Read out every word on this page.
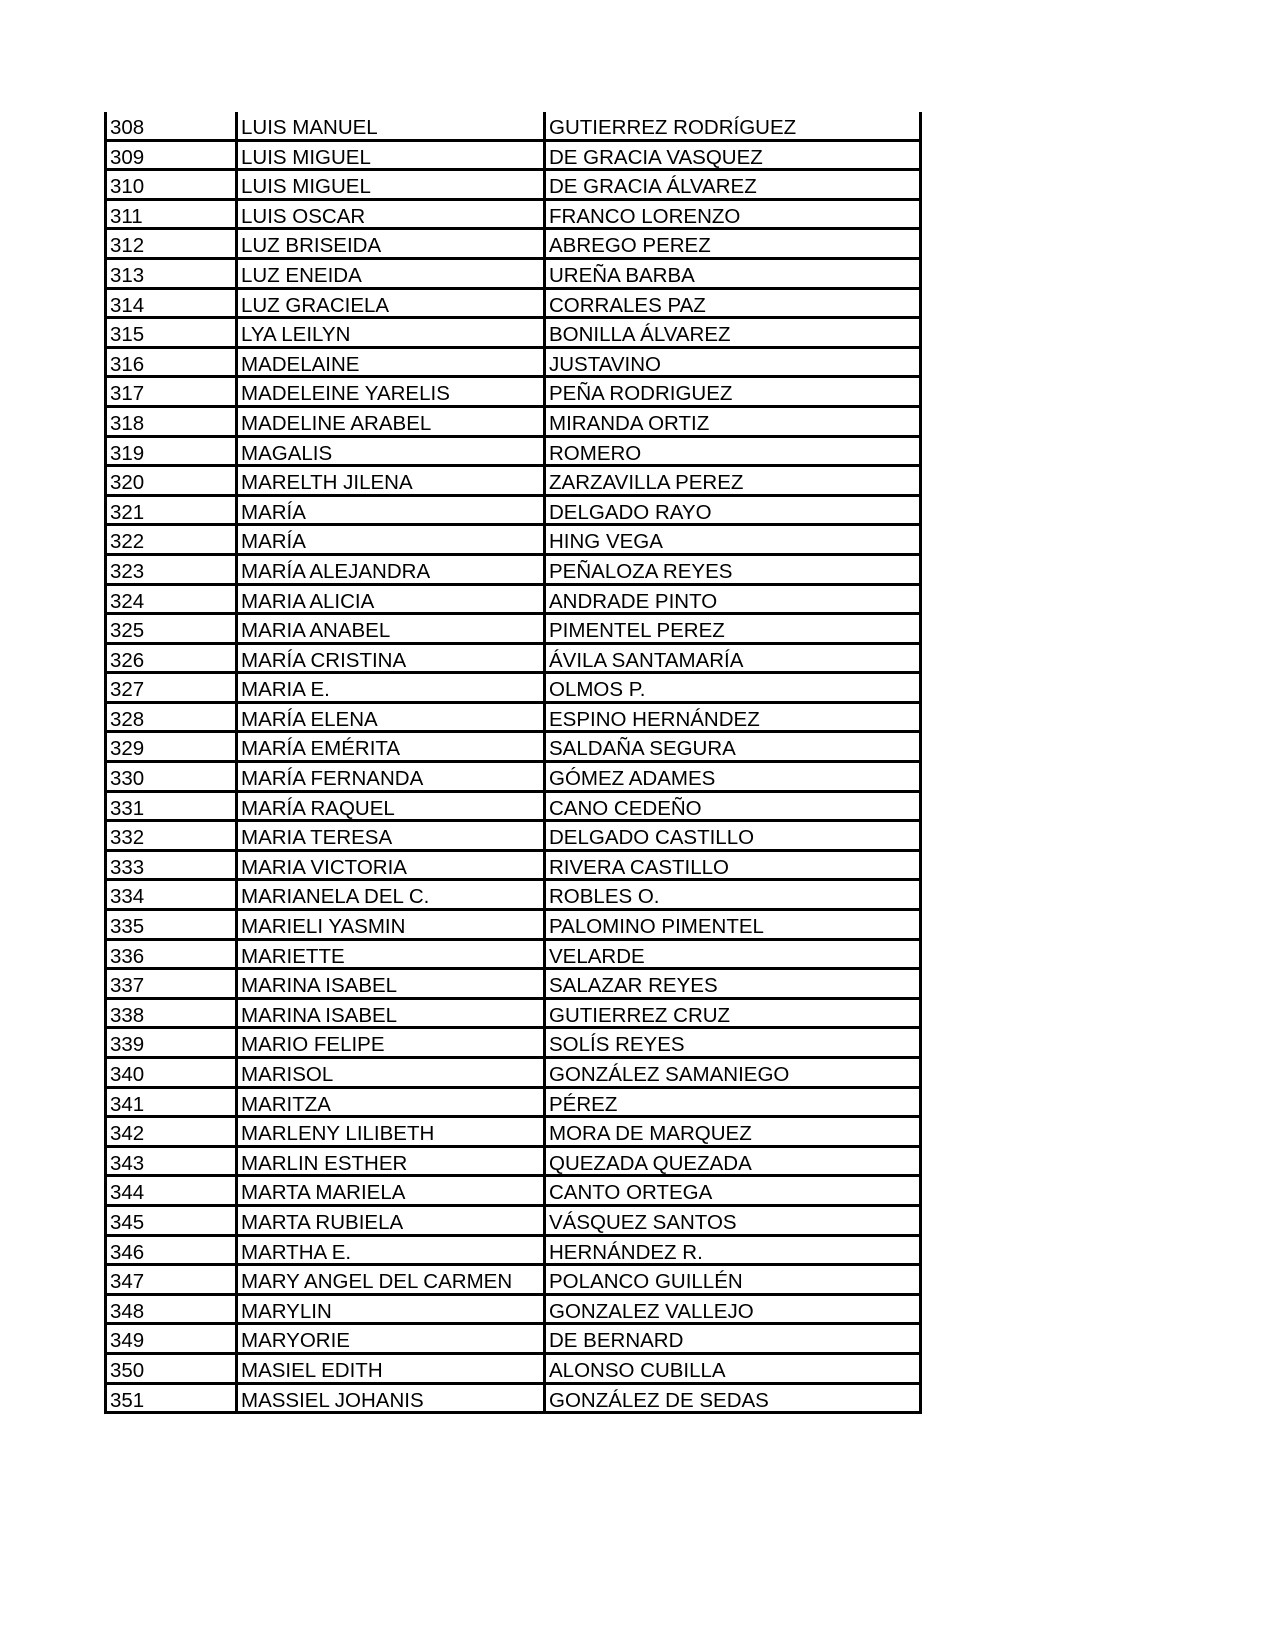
308	LUIS MANUEL	GUTIERREZ RODRÍGUEZ
309	LUIS MIGUEL	DE GRACIA VASQUEZ
310	LUIS MIGUEL	DE GRACIA ÁLVAREZ
311	LUIS OSCAR	FRANCO LORENZO
312	LUZ BRISEIDA	ABREGO PEREZ
313	LUZ ENEIDA	UREÑA BARBA
314	LUZ GRACIELA	CORRALES PAZ
315	LYA LEILYN	BONILLA ÁLVAREZ
316	MADELAINE	JUSTAVINO
317	MADELEINE YARELIS	PEÑA RODRIGUEZ
318	MADELINE ARABEL	MIRANDA ORTIZ
319	MAGALIS	ROMERO
320	MARELTH JILENA	ZARZAVILLA PEREZ
321	MARÍA	DELGADO RAYO
322	MARÍA	HING VEGA
323	MARÍA ALEJANDRA	PEÑALOZA REYES
324	MARIA ALICIA	ANDRADE PINTO
325	MARIA ANABEL	PIMENTEL PEREZ
326	MARÍA CRISTINA	ÁVILA SANTAMARÍA
327	MARIA E.	OLMOS P.
328	MARÍA ELENA	ESPINO HERNÁNDEZ
329	MARÍA EMÉRITA	SALDAÑA SEGURA
330	MARÍA FERNANDA	GÓMEZ ADAMES
331	MARÍA RAQUEL	CANO CEDEÑO
332	MARIA TERESA	DELGADO CASTILLO
333	MARIA VICTORIA	RIVERA CASTILLO
334	MARIANELA DEL C.	ROBLES O.
335	MARIELI YASMIN	PALOMINO PIMENTEL
336	MARIETTE	VELARDE
337	MARINA ISABEL	SALAZAR REYES
338	MARINA ISABEL	GUTIERREZ CRUZ
339	MARIO FELIPE	SOLÍS REYES
340	MARISOL	GONZÁLEZ SAMANIEGO
341	MARITZA	PÉREZ
342	MARLENY LILIBETH	MORA DE MARQUEZ
343	MARLIN ESTHER	QUEZADA QUEZADA
344	MARTA MARIELA	CANTO ORTEGA
345	MARTA RUBIELA	VÁSQUEZ SANTOS
346	MARTHA E.	HERNÁNDEZ R.
347	MARY ANGEL DEL CARMEN	POLANCO GUILLÉN
348	MARYLIN	GONZALEZ VALLEJO
349	MARYORIE	DE BERNARD
350	MASIEL EDITH	ALONSO CUBILLA
351	MASSIEL JOHANIS	GONZÁLEZ DE SEDAS
